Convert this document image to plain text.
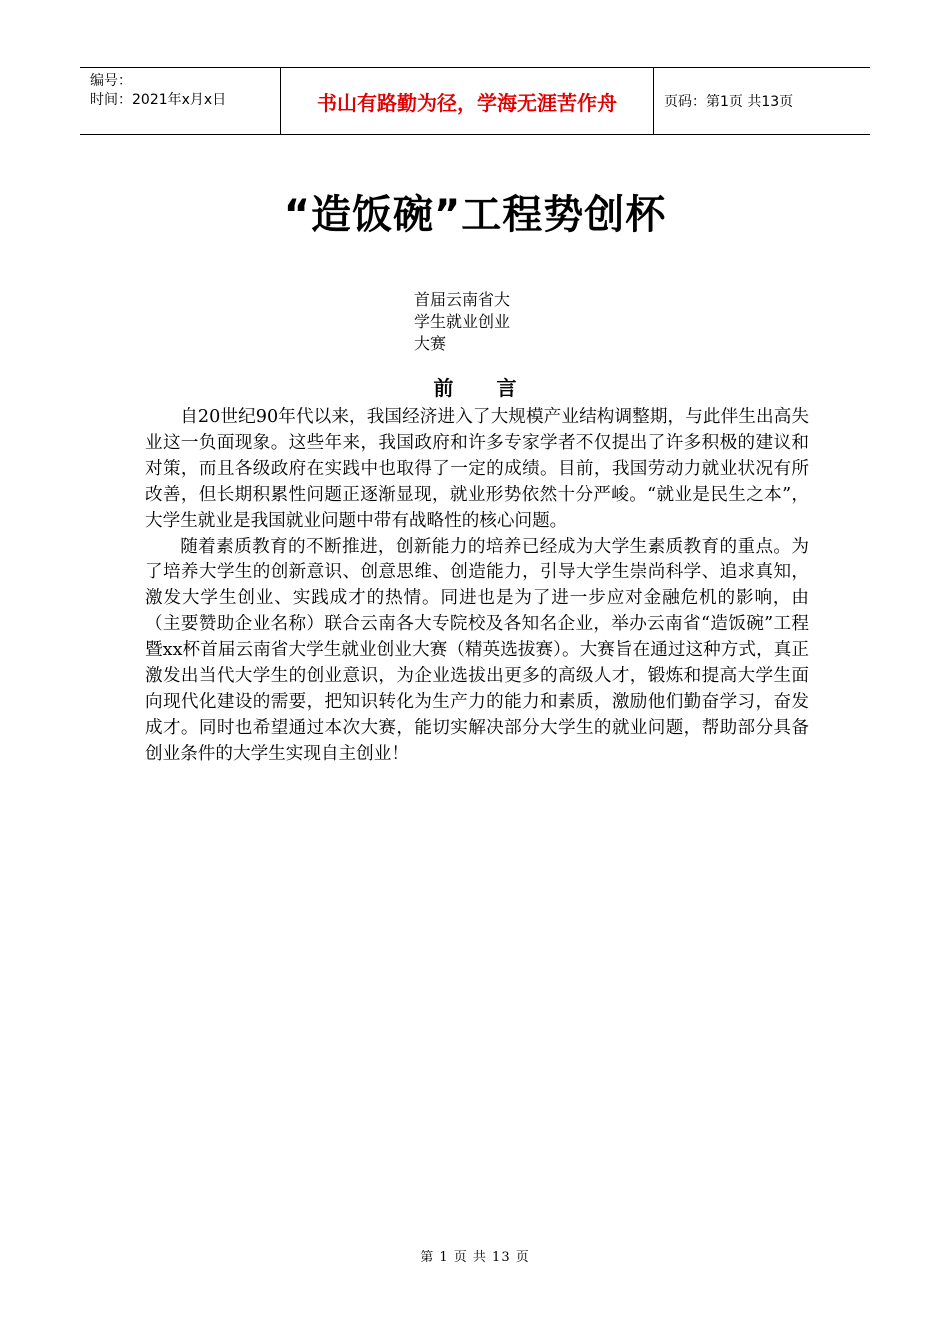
编号：
时间：2021年x月x日	书山有路勤为径，学海无涯苦作舟	页码：第1页 共13页
“造饭碗”工程势创杯
首届云南省大
学生就业创业
大赛
前 言

自20世纪90年代以来，我国经济进入了大规模产业结构调整期，与此伴生出高失业这一负面现象。这些年来，我国政府和许多专家学者不仅提出了许多积极的建议和对策，而且各级政府在实践中也取得了一定的成绩。目前，我国劳动力就业状况有所改善，但长期积累性问题正逐渐显现，就业形势依然十分严峻。“就业是民生之本”，大学生就业是我国就业问题中带有战略性的核心问题。

随着素质教育的不断推进，创新能力的培养已经成为大学生素质教育的重点。为了培养大学生的创新意识、创意思维、创造能力，引导大学生崇尚科学、追求真知，激发大学生创业、实践成才的热情。同进也是为了进一步应对金融危机的影响，由（主要赞助企业名称）联合云南各大专院校及各知名企业，举办云南省“造饭碗”工程暨xx杯首届云南省大学生就业创业大赛（精英选拔赛）。大赛旨在通过这种方式，真正激发出当代大学生的创业意识，为企业选拔出更多的高级人才，锻炼和提高大学生面向现代化建设的需要，把知识转化为生产力的能力和素质，激励他们勤奋学习，奋发成才。同时也希望通过本次大赛，能切实解决部分大学生的就业问题，帮助部分具备创业条件的大学生实现自主创业！

第 1 页 共 13 页
